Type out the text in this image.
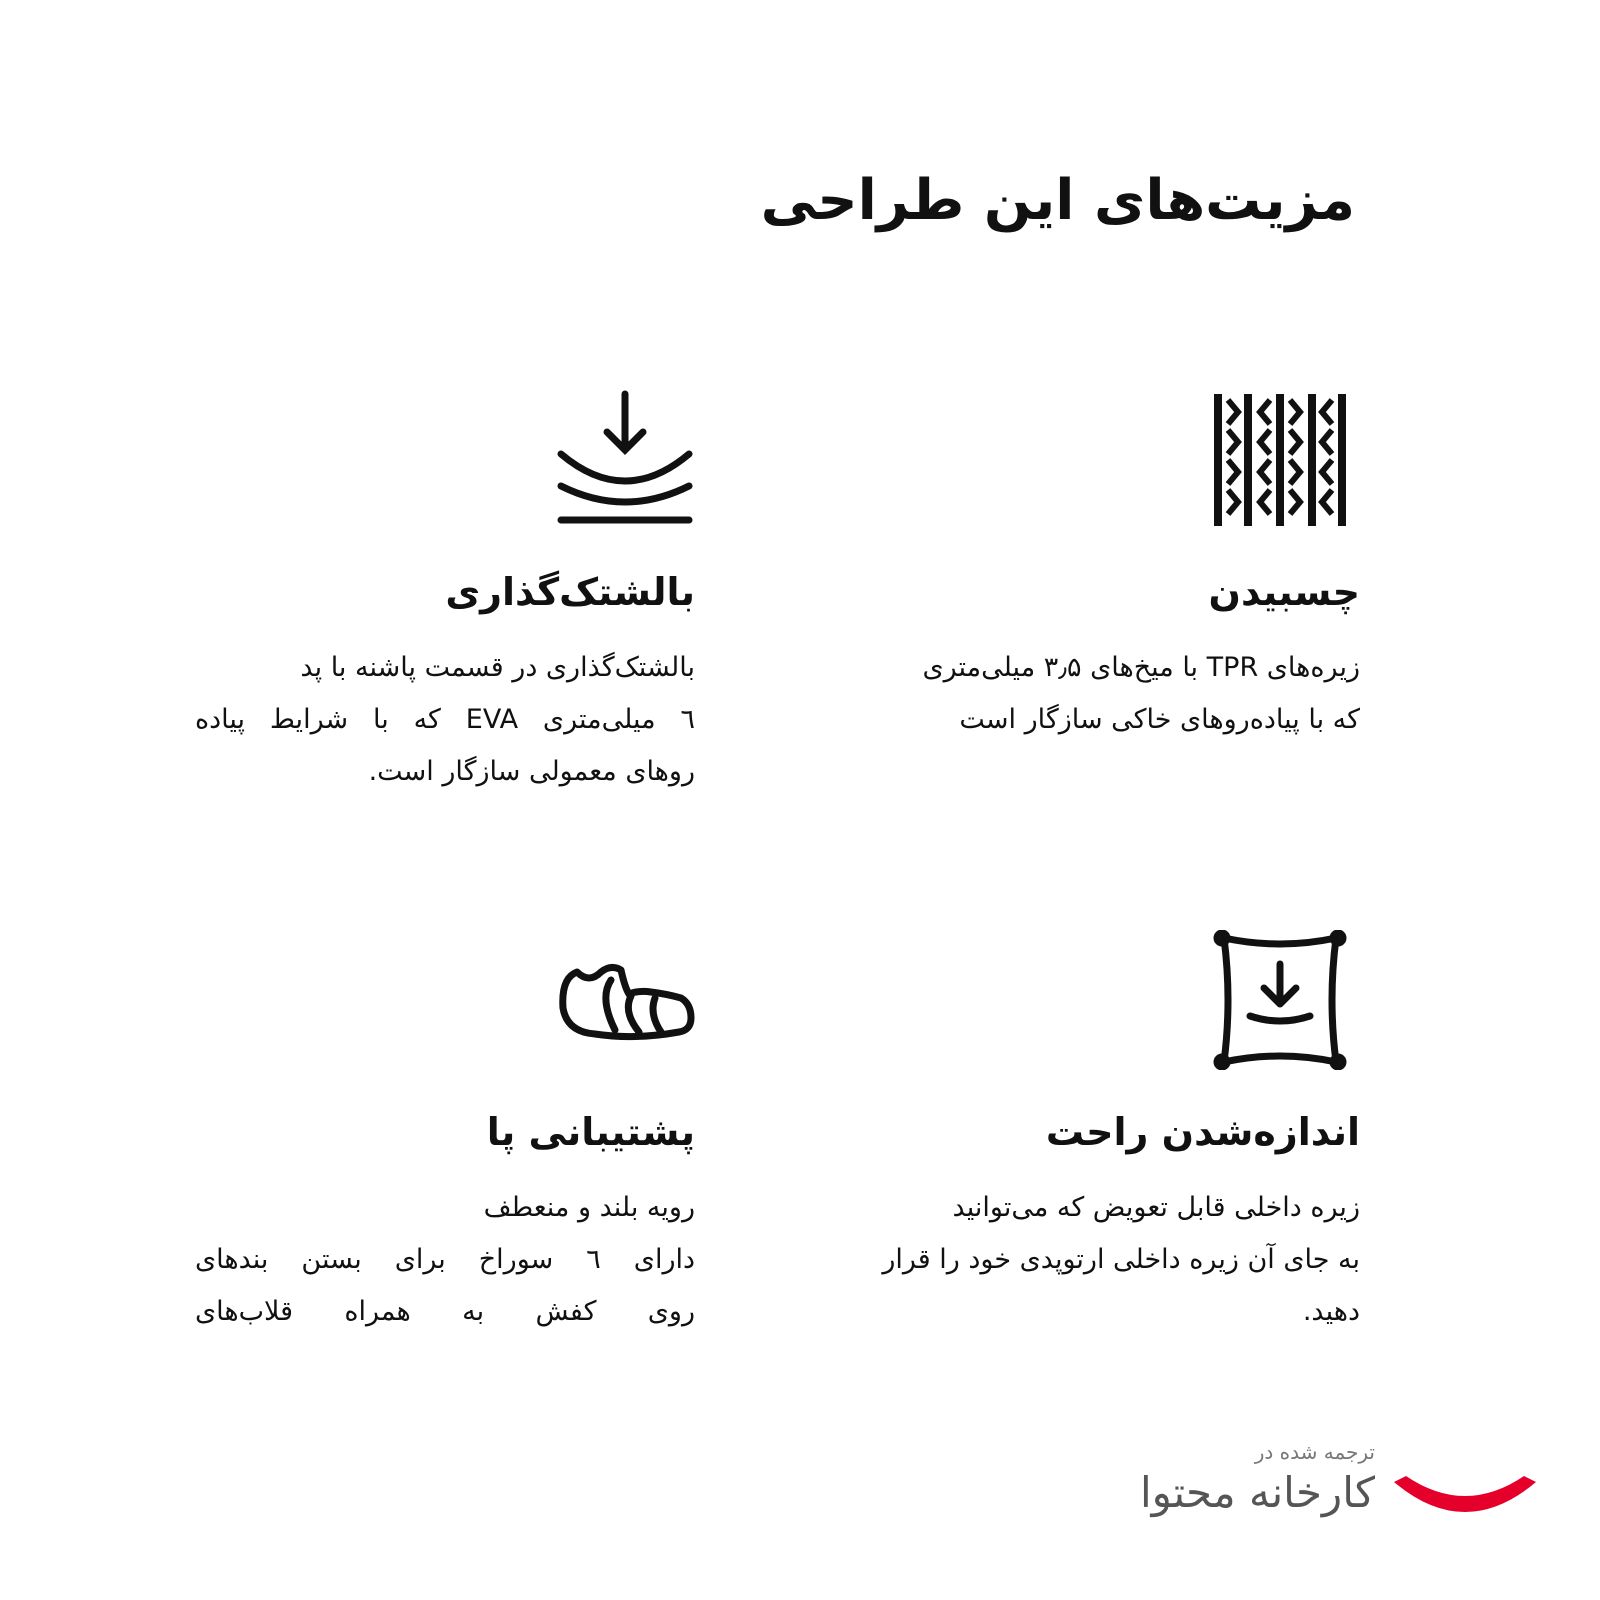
مزیت‌های این طراحی
چسبیدن
زیره‌های TPR با میخ‌های ۳٫۵ میلی‌متری
که با پیاده‌روهای خاکی سازگار است
بالشتک‌گذاری
بالشتک‌گذاری در قسمت پاشنه با پد
٦ میلی‌متری EVA که با شرایط پیاده
روهای معمولی سازگار است.
اندازه‌شدن راحت
زیره داخلی قابل تعویض که می‌توانید
به جای آن زیره داخلی ارتوپدی خود را قرار
دهید.
پشتیبانی پا
رویه بلند و منعطف
دارای ٦ سوراخ برای بستن بندهای
روی کفش به همراه قلاب‌های
ترجمه شده در
کارخانه محتوا
